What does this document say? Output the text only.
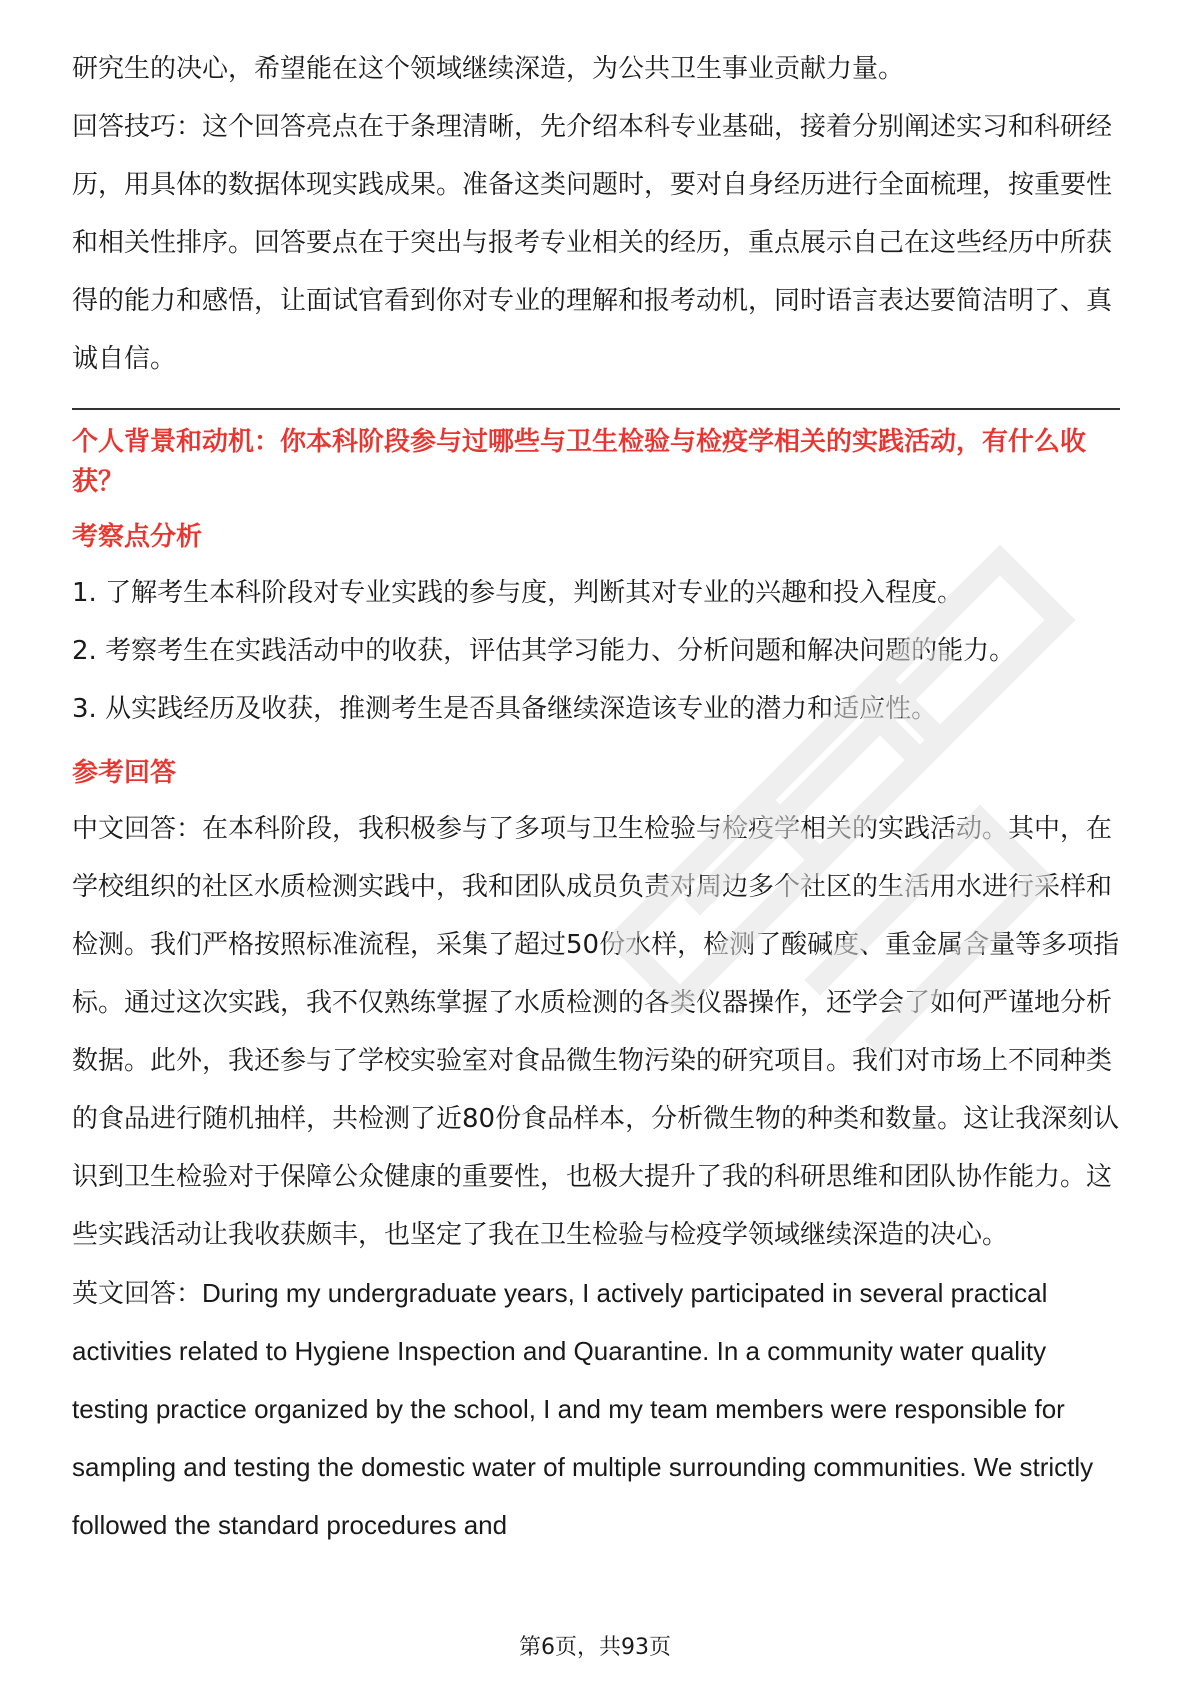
研究生的决心，希望能在这个领域继续深造，为公共卫生事业贡献力量。

回答技巧：这个回答亮点在于条理清晰，先介绍本科专业基础，接着分别阐述实习和科研经历，用具体的数据体现实践成果。准备这类问题时，要对自身经历进行全面梳理，按重要性和相关性排序。回答要点在于突出与报考专业相关的经历，重点展示自己在这些经历中所获得的能力和感悟，让面试官看到你对专业的理解和报考动机，同时语言表达要简洁明了、真诚自信。

个人背景和动机：你本科阶段参与过哪些与卫生检验与检疫学相关的实践活动，有什么收获？

考察点分析

1. 了解考生本科阶段对专业实践的参与度，判断其对专业的兴趣和投入程度。

2. 考察考生在实践活动中的收获，评估其学习能力、分析问题和解决问题的能力。

3. 从实践经历及收获，推测考生是否具备继续深造该专业的潜力和适应性。

参考回答

中文回答：在本科阶段，我积极参与了多项与卫生检验与检疫学相关的实践活动。其中，在学校组织的社区水质检测实践中，我和团队成员负责对周边多个社区的生活用水进行采样和检测。我们严格按照标准流程，采集了超过50份水样，检测了酸碱度、重金属含量等多项指标。通过这次实践，我不仅熟练掌握了水质检测的各类仪器操作，还学会了如何严谨地分析数据。此外，我还参与了学校实验室对食品微生物污染的研究项目。我们对市场上不同种类的食品进行随机抽样，共检测了近80份食品样本，分析微生物的种类和数量。这让我深刻认识到卫生检验对于保障公众健康的重要性，也极大提升了我的科研思维和团队协作能力。这些实践活动让我收获颇丰，也坚定了我在卫生检验与检疫学领域继续深造的决心。

英文回答：During my undergraduate years, I actively participated in several practical activities related to Hygiene Inspection and Quarantine. In a community water quality testing practice organized by the school, I and my team members were responsible for sampling and testing the domestic water of multiple surrounding communities. We strictly followed the standard procedures and

第6页，共93页
